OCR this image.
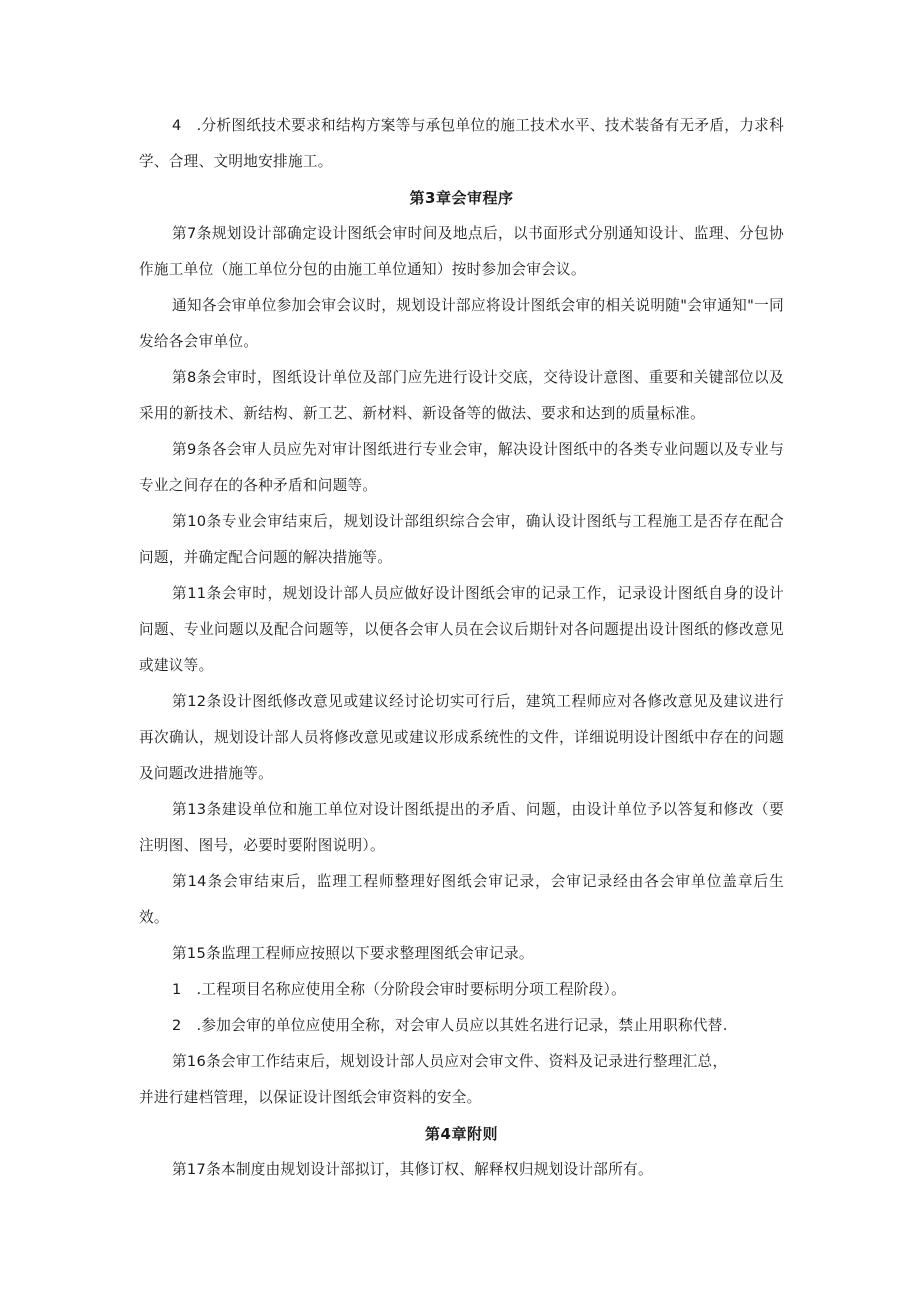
4　.分析图纸技术要求和结构方案等与承包单位的施工技术水平、技术装备有无矛盾，力求科学、合理、文明地安排施工。

第3章会审程序

第7条规划设计部确定设计图纸会审时间及地点后，以书面形式分别通知设计、监理、分包协作施工单位（施工单位分包的由施工单位通知）按时参加会审会议。

通知各会审单位参加会审会议时，规划设计部应将设计图纸会审的相关说明随"会审通知"一同发给各会审单位。

第8条会审时，图纸设计单位及部门应先进行设计交底，交待设计意图、重要和关键部位以及采用的新技术、新结构、新工艺、新材料、新设备等的做法、要求和达到的质量标准。

第9条各会审人员应先对审计图纸进行专业会审，解决设计图纸中的各类专业问题以及专业与专业之间存在的各种矛盾和问题等。

第10条专业会审结束后，规划设计部组织综合会审，确认设计图纸与工程施工是否存在配合问题，并确定配合问题的解决措施等。

第11条会审时，规划设计部人员应做好设计图纸会审的记录工作，记录设计图纸自身的设计问题、专业问题以及配合问题等，以便各会审人员在会议后期针对各问题提出设计图纸的修改意见或建议等。

第12条设计图纸修改意见或建议经讨论切实可行后，建筑工程师应对各修改意见及建议进行再次确认，规划设计部人员将修改意见或建议形成系统性的文件，详细说明设计图纸中存在的问题及问题改进措施等。

第13条建设单位和施工单位对设计图纸提出的矛盾、问题，由设计单位予以答复和修改（要注明图、图号，必要时要附图说明）。

第14条会审结束后，监理工程师整理好图纸会审记录，会审记录经由各会审单位盖章后生效。

第15条监理工程师应按照以下要求整理图纸会审记录。

1　.工程项目名称应使用全称（分阶段会审时要标明分项工程阶段）。

2　.参加会审的单位应使用全称，对会审人员应以其姓名进行记录，禁止用职称代替.

第16条会审工作结束后，规划设计部人员应对会审文件、资料及记录进行整理汇总，

并进行建档管理，以保证设计图纸会审资料的安全。

第4章附则

第17条本制度由规划设计部拟订，其修订权、解释权归规划设计部所有。
